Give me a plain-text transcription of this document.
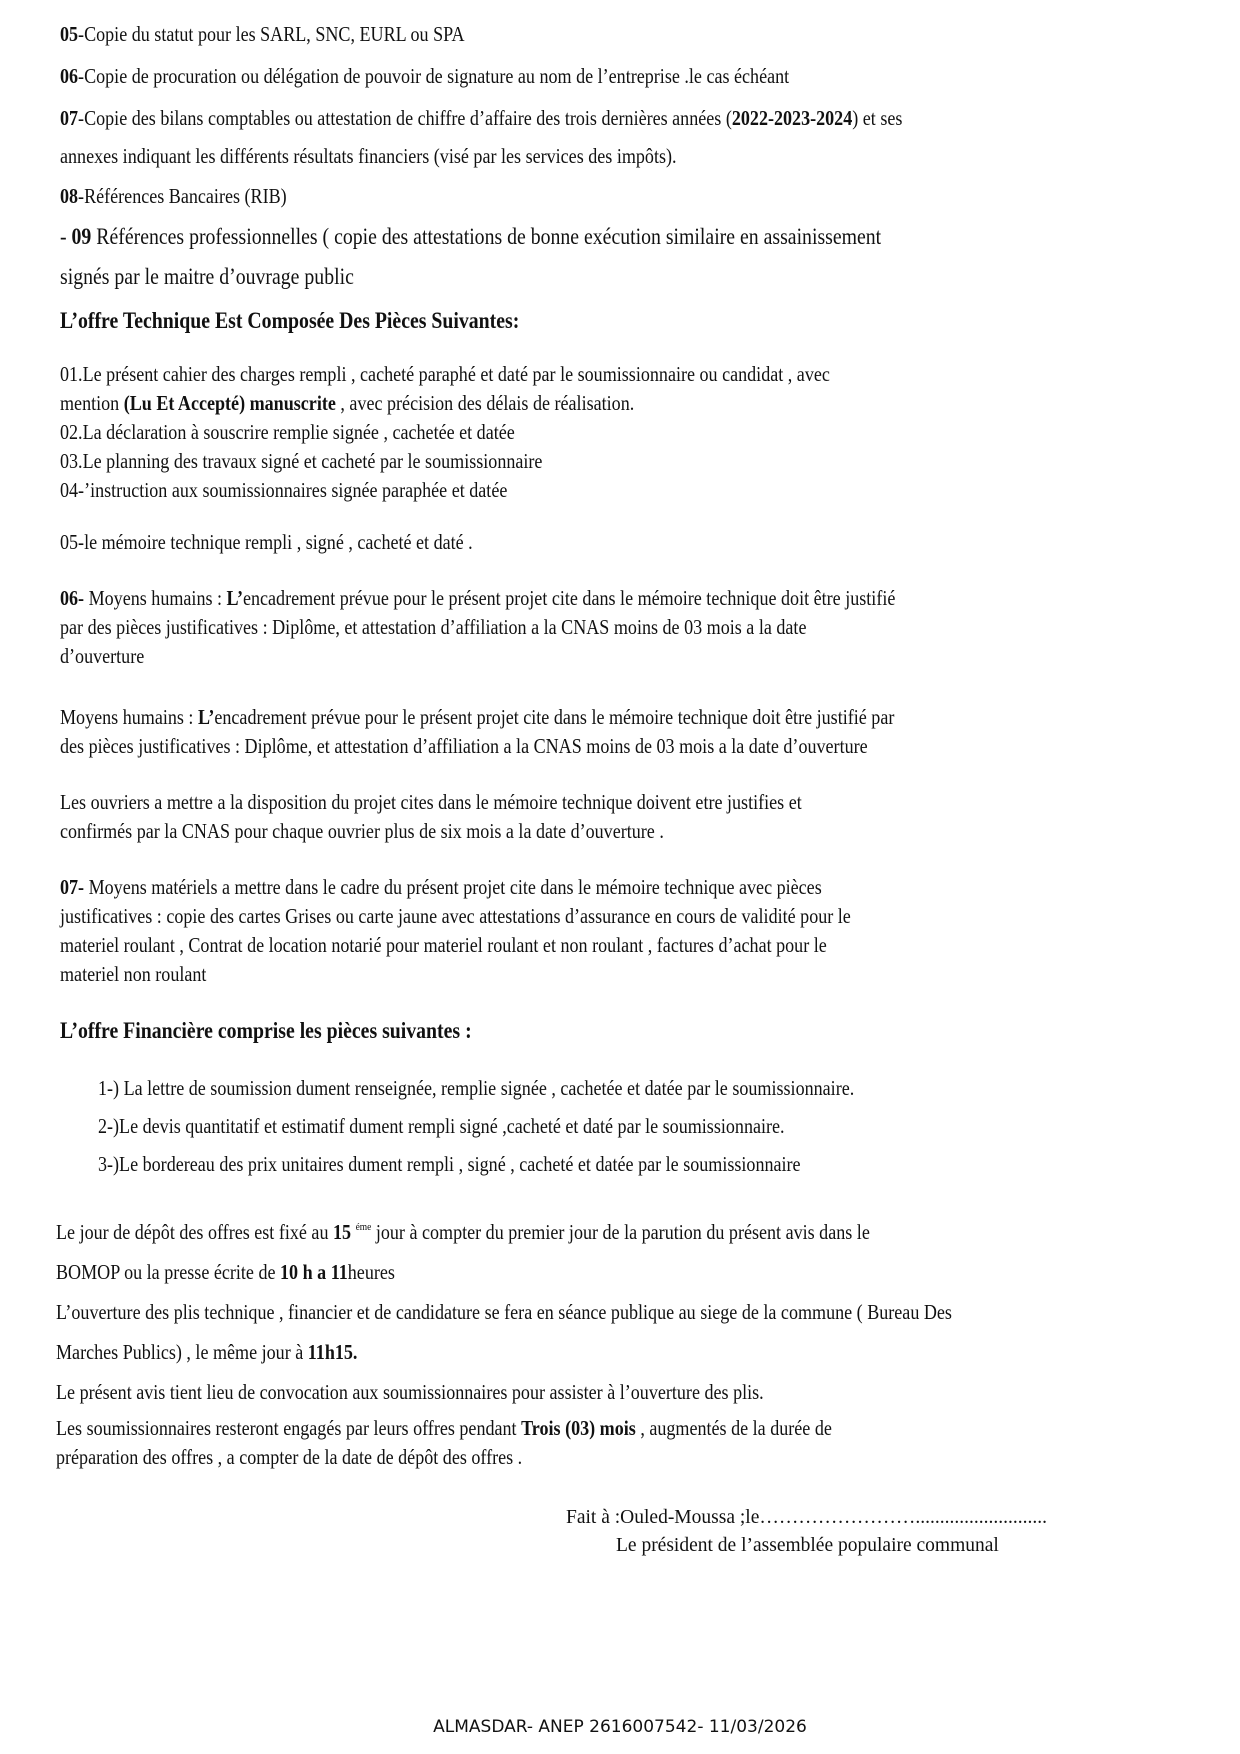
05-Copie du statut pour les SARL, SNC, EURL ou SPA
06-Copie de procuration ou délégation de pouvoir de signature au nom de l’entreprise .le cas échéant
07-Copie des bilans comptables ou attestation de chiffre d’affaire des trois dernières années (2022-2023-2024) et ses
annexes indiquant les différents résultats financiers (visé par les services des impôts).
08-Références Bancaires (RIB)
- 09 Références professionnelles ( copie des attestations de bonne exécution similaire en assainissement
signés par le maitre d’ouvrage public
L’offre Technique Est Composée Des Pièces Suivantes:
01.Le présent cahier des charges rempli , cacheté paraphé et daté par le soumissionnaire ou candidat , avec
mention (Lu Et Accepté) manuscrite , avec précision des délais de réalisation.
02.La déclaration à souscrire remplie signée , cachetée et datée
03.Le planning des travaux signé et cacheté par le soumissionnaire
04-’instruction aux soumissionnaires signée paraphée et datée
05-le mémoire technique rempli , signé , cacheté et daté .
06- Moyens humains : L’encadrement prévue pour le présent projet cite dans le mémoire technique doit être justifié
par des pièces justificatives : Diplôme, et attestation d’affiliation a la CNAS moins de 03 mois a la date
d’ouverture
Moyens humains : L’encadrement prévue pour le présent projet cite dans le mémoire technique doit être justifié par
des pièces justificatives : Diplôme, et attestation d’affiliation a la CNAS moins de 03 mois a la date d’ouverture
Les ouvriers a mettre a la disposition du projet cites dans le mémoire technique doivent etre justifies et
confirmés par la CNAS pour chaque ouvrier plus de six mois a la date d’ouverture .
07- Moyens matériels a mettre dans le cadre du présent projet cite dans le mémoire technique avec pièces
justificatives : copie des cartes Grises ou carte jaune avec attestations d’assurance en cours de validité pour le
materiel roulant , Contrat de location notarié pour materiel roulant et non roulant , factures d’achat pour le
materiel non roulant
L’offre Financière comprise les pièces suivantes :
1-) La lettre de soumission dument renseignée, remplie signée , cachetée et datée par le soumissionnaire.
2-)Le devis quantitatif et estimatif dument rempli signé ,cacheté et daté par le soumissionnaire.
3-)Le bordereau des prix unitaires dument rempli , signé , cacheté et datée par le soumissionnaire
Le jour de dépôt des offres est fixé au 15 $^{éme}$ jour à compter du premier jour de la parution du présent avis dans le
BOMOP ou la presse écrite de 10 h a 11heures
L’ouverture des plis technique , financier et de candidature se fera en séance publique au siege de la commune ( Bureau Des
Marches Publics) , le même jour à 11h15.
Le présent avis tient lieu de convocation aux soumissionnaires pour assister à l’ouverture des plis.
Les soumissionnaires resteront engagés par leurs offres pendant Trois (03) mois , augmentés de la durée de
préparation des offres , a compter de la date de dépôt des offres .
Fait à :Ouled-Moussa ;le……………………...........................
Le président de l’assemblée populaire communal
ALMASDAR- ANEP 2616007542- 11/03/2026
